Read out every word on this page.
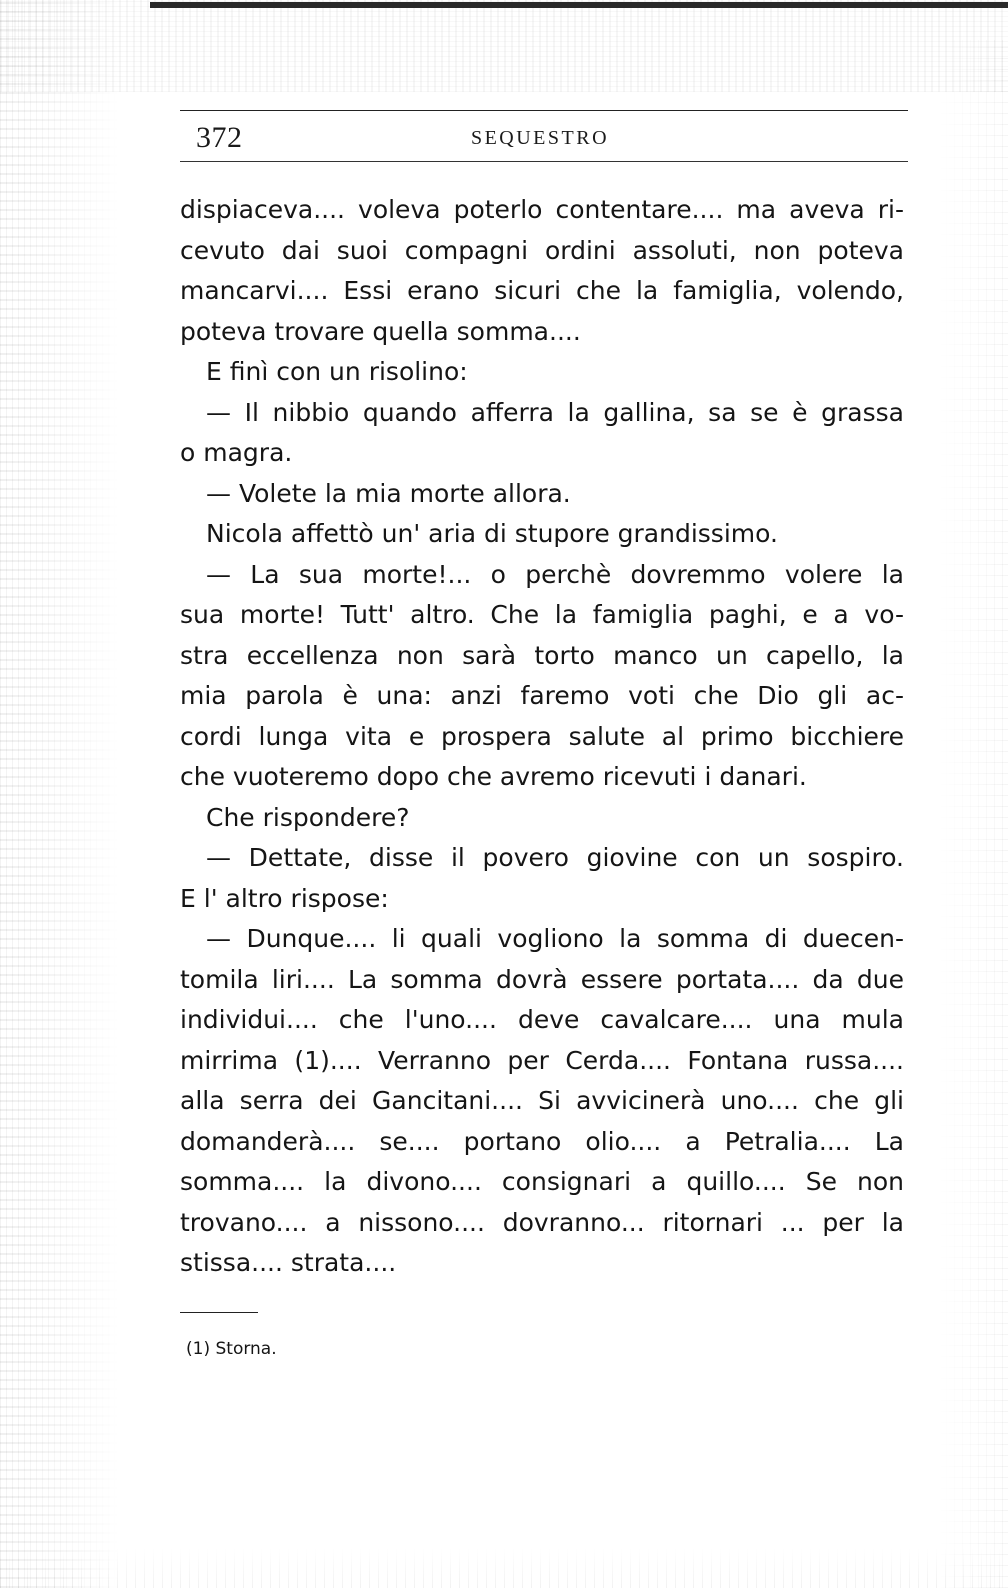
372	SEQUESTRO
dispiaceva.... voleva poterlo contentare.... ma aveva ri-
cevuto dai suoi compagni ordini assoluti, non poteva
mancarvi.... Essi erano sicuri che la famiglia, volendo,
poteva trovare quella somma....
E finì con un risolino:
— Il nibbio quando afferra la gallina, sa se è grassa
o magra.
— Volete la mia morte allora.
Nicola affettò un' aria di stupore grandissimo.
— La sua morte!... o perchè dovremmo volere la
sua morte! Tutt' altro. Che la famiglia paghi, e a vo-
stra eccellenza non sarà torto manco un capello, la
mia parola è una: anzi faremo voti che Dio gli ac-
cordi lunga vita e prospera salute al primo bicchiere
che vuoteremo dopo che avremo ricevuti i danari.
Che rispondere?
— Dettate, disse il povero giovine con un sospiro.
E l' altro rispose:
— Dunque.... li quali vogliono la somma di duecen-
tomila liri.... La somma dovrà essere portata.... da due
individui.... che l'uno.... deve cavalcare.... una mula
mirrima (1).... Verranno per Cerda.... Fontana russa....
alla serra dei Gancitani.... Si avvicinerà uno.... che gli
domanderà.... se.... portano olio.... a Petralia.... La
somma.... la divono.... consignari a quillo.... Se non
trovano.... a nissono.... dovranno... ritornari ... per la
stissa.... strata....
(1) Storna.
